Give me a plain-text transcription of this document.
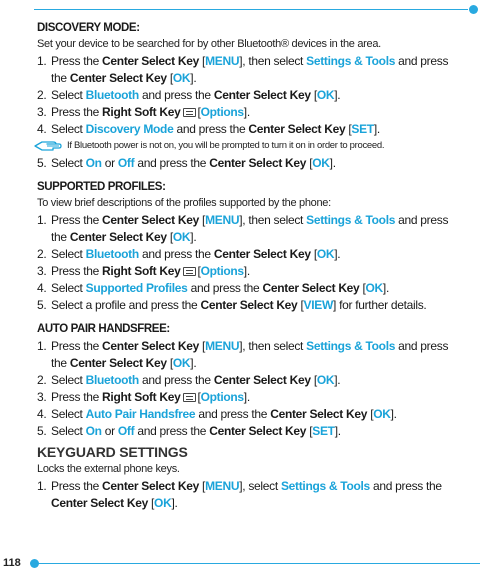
DISCOVERY MODE:
Set your device to be searched for by other Bluetooth® devices in the area.
1. Press the Center Select Key [MENU], then select Settings & Tools and press
the Center Select Key [OK].
2. Select Bluetooth and press the Center Select Key [OK].
3. Press the Right Soft Key [Options].
4. Select Discovery Mode and press the Center Select Key [SET].
If Bluetooth power is not on, you will be prompted to turn it on in order to proceed.
5. Select On or Off and press the Center Select Key [OK].
SUPPORTED PROFILES:
To view brief descriptions of the profiles supported by the phone:
1. Press the Center Select Key [MENU], then select Settings & Tools and press
the Center Select Key [OK].
2. Select Bluetooth and press the Center Select Key [OK].
3. Press the Right Soft Key [Options].
4. Select Supported Profiles and press the Center Select Key [OK].
5. Select a profile and press the Center Select Key [VIEW] for further details.
AUTO PAIR HANDSFREE:
1. Press the Center Select Key [MENU], then select Settings & Tools and press
the Center Select Key [OK].
2. Select Bluetooth and press the Center Select Key [OK].
3. Press the Right Soft Key [Options].
4. Select Auto Pair Handsfree and press the Center Select Key [OK].
5. Select On or Off and press the Center Select Key [SET].
KEYGUARD SETTINGS
Locks the external phone keys.
1. Press the Center Select Key [MENU], select Settings & Tools and press the
Center Select Key [OK].
118
